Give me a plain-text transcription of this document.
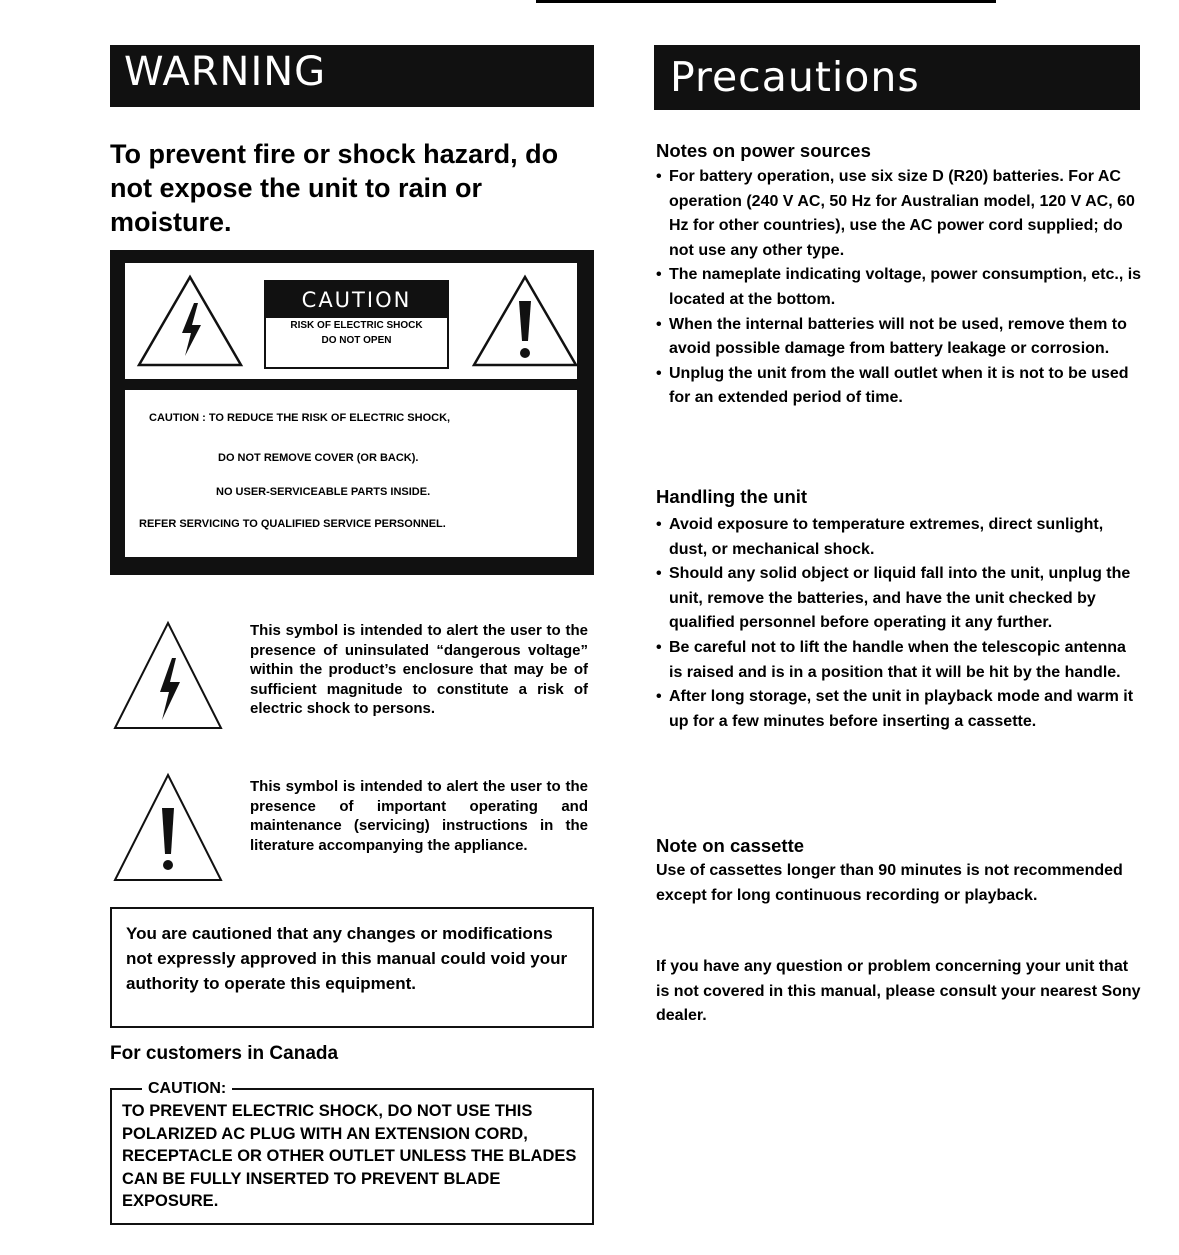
WARNING
To prevent fire or shock hazard, do not expose the unit to rain or moisture.
CAUTION
RISK OF ELECTRIC SHOCK
DO NOT OPEN
CAUTION : TO REDUCE THE RISK OF ELECTRIC SHOCK,
DO NOT REMOVE COVER (OR BACK).
NO USER-SERVICEABLE PARTS INSIDE.
REFER SERVICING TO QUALIFIED SERVICE PERSONNEL.
This symbol is intended to alert the user to the presence of uninsulated “dangerous voltage” within the product’s enclosure that may be of sufficient magnitude to constitute a risk of electric shock to persons.
This symbol is intended to alert the user to the presence of important operating and maintenance (servicing) instructions in the literature accompanying the appliance.
You are cautioned that any changes or modifications not expressly approved in this manual could void your authority to operate this equipment.
For customers in Canada
CAUTION:
TO PREVENT ELECTRIC SHOCK, DO NOT USE THIS POLARIZED AC PLUG WITH AN EXTENSION CORD, RECEPTACLE OR OTHER OUTLET UNLESS THE BLADES CAN BE FULLY INSERTED TO PREVENT BLADE EXPOSURE.
Precautions
Notes on power sources
• For battery operation, use six size D (R20) batteries. For AC operation (240 V AC, 50 Hz for Australian model, 120 V AC, 60 Hz for other countries), use the AC power cord supplied; do not use any other type.
• The nameplate indicating voltage, power consumption, etc., is located at the bottom.
• When the internal batteries will not be used, remove them to avoid possible damage from battery leakage or corrosion.
• Unplug the unit from the wall outlet when it is not to be used for an extended period of time.
Handling the unit
• Avoid exposure to temperature extremes, direct sunlight, dust, or mechanical shock.
• Should any solid object or liquid fall into the unit, unplug the unit, remove the batteries, and have the unit checked by qualified personnel before operating it any further.
• Be careful not to lift the handle when the telescopic antenna is raised and is in a position that it will be hit by the handle.
• After long storage, set the unit in playback mode and warm it up for a few minutes before inserting a cassette.
Note on cassette
Use of cassettes longer than 90 minutes is not recommended except for long continuous recording or playback.
If you have any question or problem concerning your unit that is not covered in this manual, please consult your nearest Sony dealer.
